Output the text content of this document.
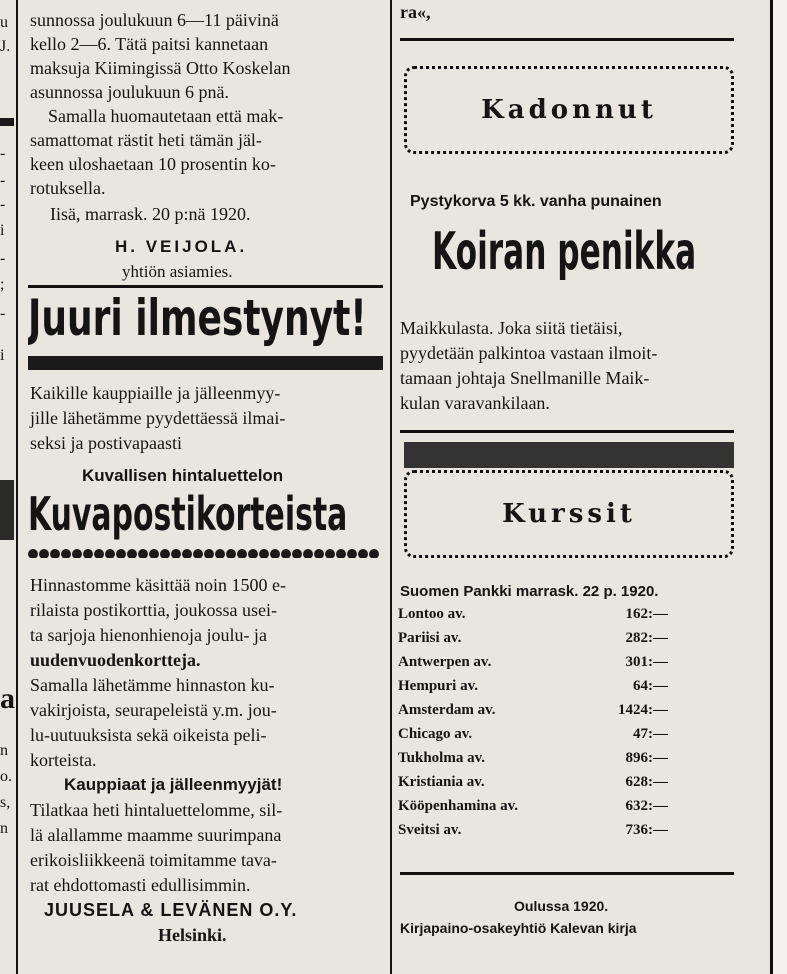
u
J.
-
-
-
-
i
;
-
i
a
n
o.
s,
n
sunnossa joulukuun 6—11 päivinä
kello 2—6. Tätä paitsi kannetaan
maksuja Kiimingissä Otto Koskelan
asunnossa joulukuun 6 pnä.
Samalla huomautetaan että mak-
samattomat rästit heti tämän jäl-
keen uloshaetaan 10 prosentin ko-
rotuksella.
Iisä, marrask. 20 p:nä 1920.
H. VEIJOLA.
yhtiön asiamies.
Juuri ilmestynyt!
Kaikille kauppiaille ja jälleenmyy-
jille lähetämme pyydettäessä ilmai-
seksi ja postivapaasti
Kuvallisen hintaluettelon
Kuvapostikorteista
Hinnastomme käsittää noin 1500 e-
rilaista postikorttia, joukossa usei-
ta sarjoja hienonhienoja joulu- ja
uudenvuodenkortteja.
Samalla lähetämme hinnaston ku-
vakirjoista, seurapeleistä y.m. jou-
lu-uutuuksista sekä oikeista peli-
korteista.
Kauppiaat ja jälleenmyyjät!
Tilatkaa heti hintaluettelomme, sil-
lä alallamme maamme suurimpana
erikoisliikkeenä toimitamme tava-
rat ehdottomasti edullisimmin.
JUUSELA & LEVÄNEN O.Y.
Helsinki.
ra«,
Kadonnut
Pystykorva 5 kk. vanha punainen
Koiran penikka
Maikkulasta. Joka siitä tietäisi,
pyydetään palkintoa vastaan ilmoit-
tamaan johtaja Snellmanille Maik-
kulan varavankilaan.
Kurssit
Suomen Pankki marrask. 22 p. 1920.
Lontoo av.	162:—
Pariisi av.	282:—
Antwerpen av.	301:—
Hempuri av.	64:—
Amsterdam av.	1424:—
Chicago av.	47:—
Tukholma av.	896:—
Kristiania av.	628:—
Kööpenhamina av.	632:—
Sveitsi av.	736:—
Oulussa 1920.
Kirjapaino-osakeyhtiö Kalevan kirja
